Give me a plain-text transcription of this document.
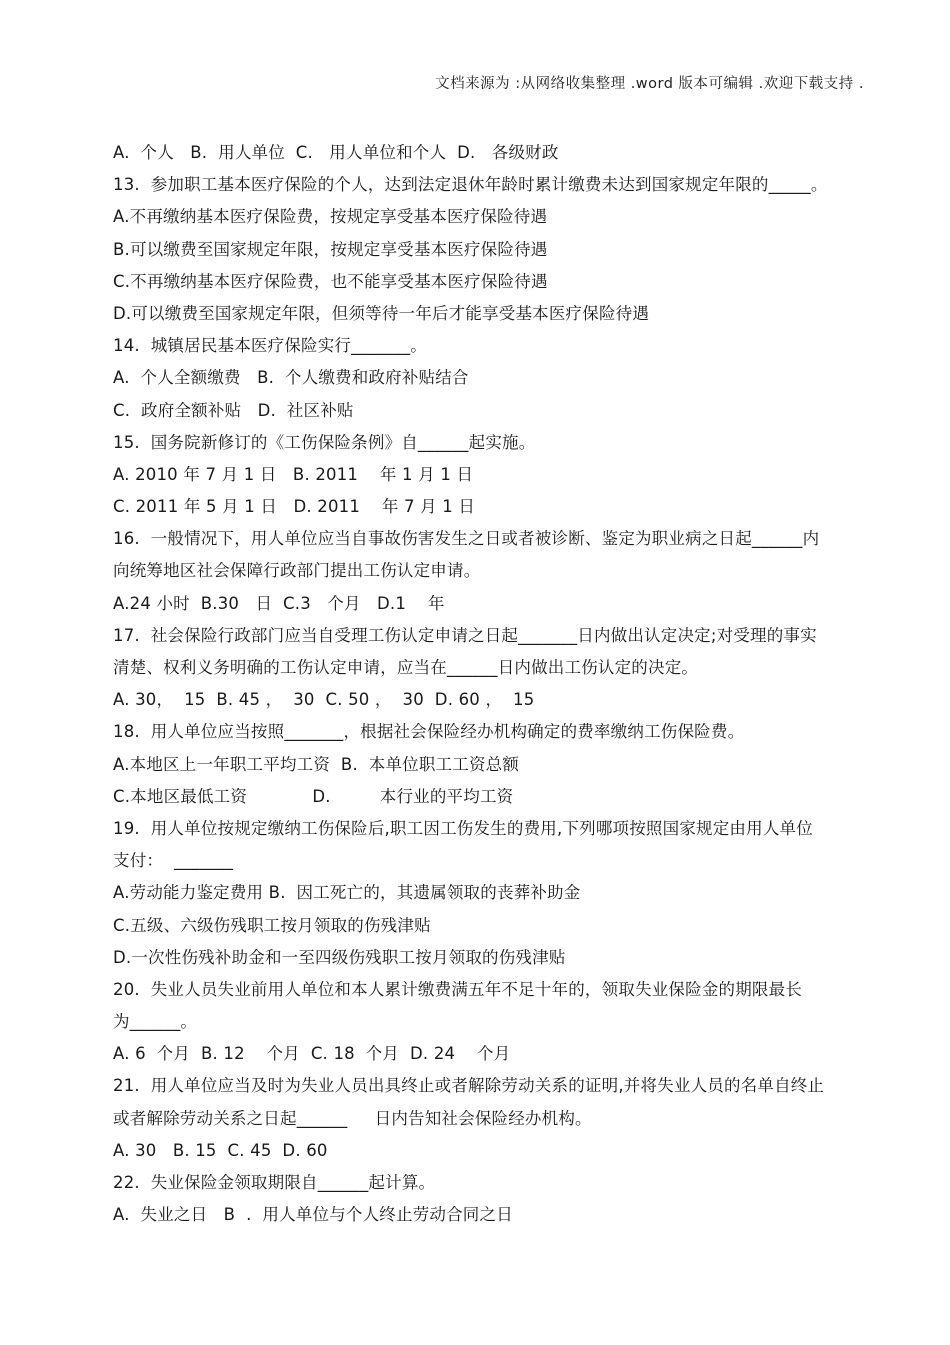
文档来源为 :从网络收集整理 .word 版本可编辑 .欢迎下载支持 .
A.  个人   B.  用人单位  C.   用人单位和个人  D.   各级财政
13.  参加职工基本医疗保险的个人，达到法定退休年龄时累计缴费未达到国家规定年限的_____。
A.不再缴纳基本医疗保险费，按规定享受基本医疗保险待遇
B.可以缴费至国家规定年限，按规定享受基本医疗保险待遇
C.不再缴纳基本医疗保险费，也不能享受基本医疗保险待遇
D.可以缴费至国家规定年限，但须等待一年后才能享受基本医疗保险待遇
14.  城镇居民基本医疗保险实行_______。
A.  个人全额缴费   B.  个人缴费和政府补贴结合
C.  政府全额补贴   D.  社区补贴
15.  国务院新修订的《工伤保险条例》自______起实施。
A. 2010 年 7 月 1 日   B. 2011    年 1 月 1 日
C. 2011 年 5 月 1 日   D. 2011    年 7 月 1 日
16.  一般情况下，用人单位应当自事故伤害发生之日或者被诊断、鉴定为职业病之日起______内
向统筹地区社会保障行政部门提出工伤认定申请。
A.24 小时  B.30   日  C.3   个月   D.1    年
17.  社会保险行政部门应当自受理工伤认定申请之日起_______日内做出认定决定;对受理的事实
清楚、权利义务明确的工伤认定申请，应当在______日内做出工伤认定的决定。
A. 30，  15  B. 45 ，  30  C. 50 ，  30  D. 60 ，  15
18.  用人单位应当按照_______，根据社会保险经办机构确定的费率缴纳工伤保险费。
A.本地区上一年职工平均工资  B.  本单位职工工资总额
C.本地区最低工资            D.         本行业的平均工资
19.  用人单位按规定缴纳工伤保险后,职工因工伤发生的费用,下列哪项按照国家规定由用人单位
支付：  _______
A.劳动能力鉴定费用 B.  因工死亡的，其遗属领取的丧葬补助金
C.五级、六级伤残职工按月领取的伤残津贴
D.一次性伤残补助金和一至四级伤残职工按月领取的伤残津贴
20.  失业人员失业前用人单位和本人累计缴费满五年不足十年的，领取失业保险金的期限最长
为______。
A. 6  个月  B. 12    个月  C. 18  个月  D. 24    个月
21.  用人单位应当及时为失业人员出具终止或者解除劳动关系的证明,并将失业人员的名单自终止
或者解除劳动关系之日起______     日内告知社会保险经办机构。
A. 30   B. 15  C. 45  D. 60
22.  失业保险金领取期限自______起计算。
A.  失业之日   B  .  用人单位与个人终止劳动合同之日
